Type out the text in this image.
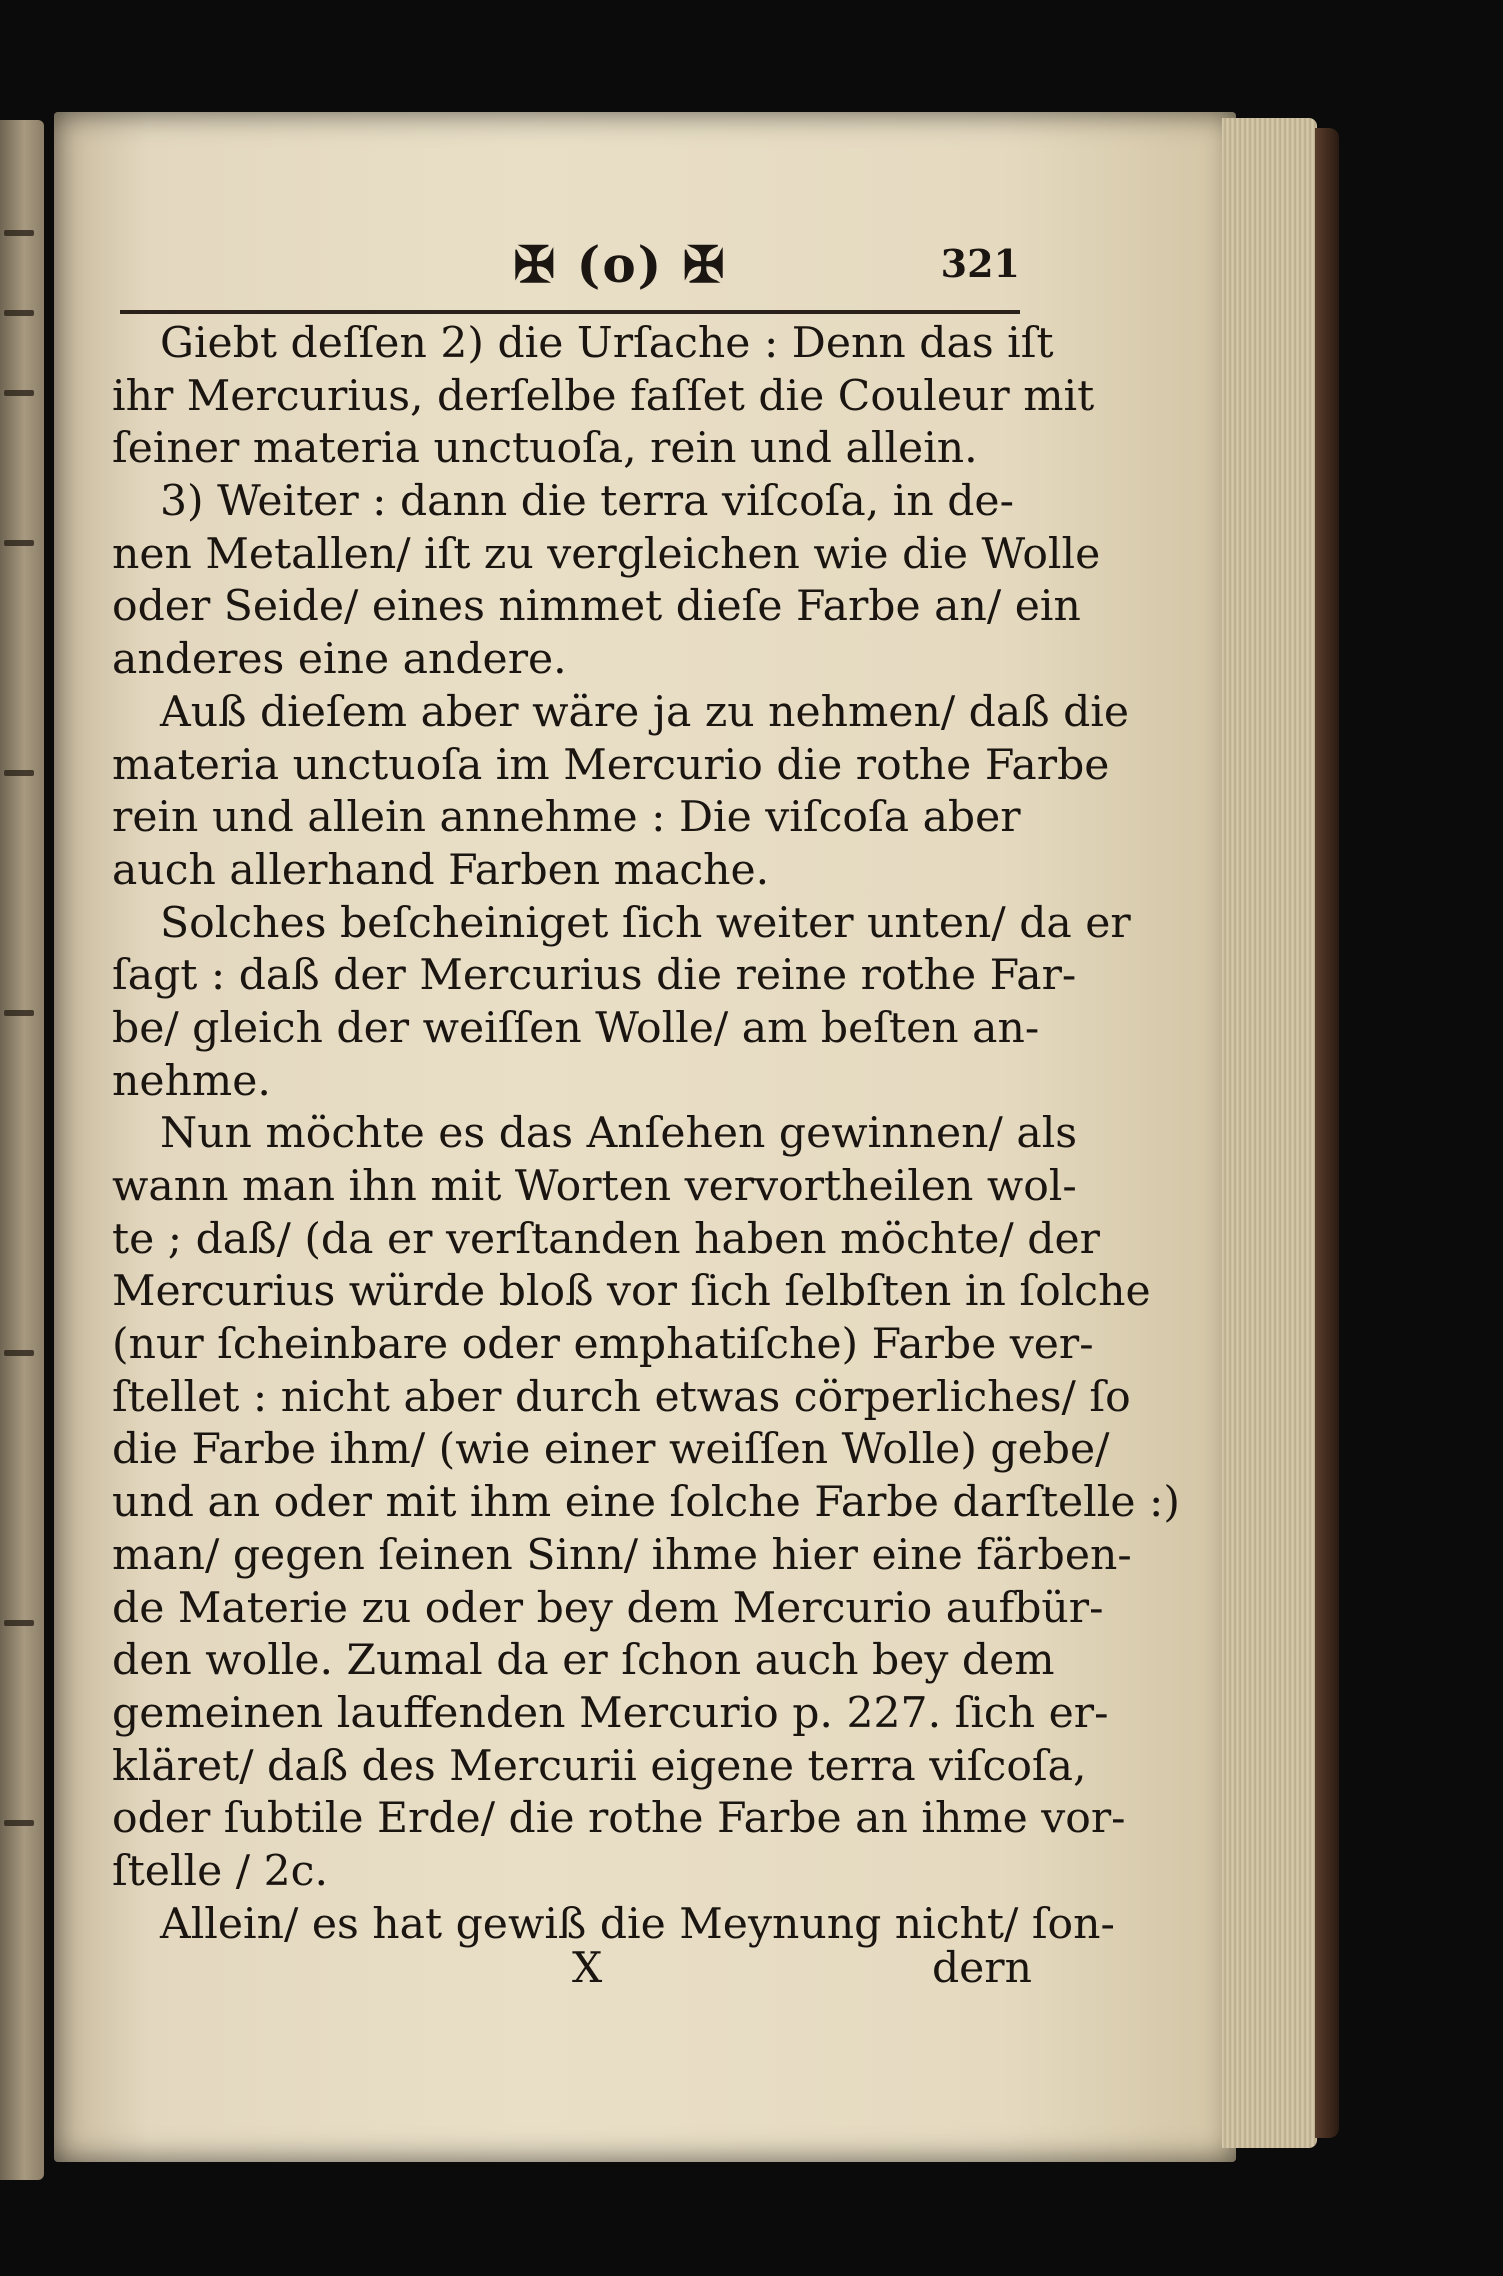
✠ (o) ✠	321
Giebt deſſen 2) die Urſache : Denn das iſt
ihr Mercurius, derſelbe faſſet die Couleur mit
ſeiner materia unctuoſa, rein und allein.
3) Weiter : dann die terra viſcoſa, in de-
nen Metallen/ iſt zu vergleichen wie die Wolle
oder Seide/ eines nimmet dieſe Farbe an/ ein
anderes eine andere.
Auß dieſem aber wäre ja zu nehmen/ daß die
materia unctuoſa im Mercurio die rothe Farbe
rein und allein annehme : Die viſcoſa aber
auch allerhand Farben mache.
Solches beſcheiniget ſich weiter unten/ da er
ſagt : daß der Mercurius die reine rothe Far-
be/ gleich der weiſſen Wolle/ am beſten an-
nehme.
Nun möchte es das Anſehen gewinnen/ als
wann man ihn mit Worten vervortheilen wol-
te ; daß/ (da er verſtanden haben möchte/ der
Mercurius würde bloß vor ſich ſelbſten in ſolche
(nur ſcheinbare oder emphatiſche) Farbe ver-
ſtellet : nicht aber durch etwas cörperliches/ ſo
die Farbe ihm/ (wie einer weiſſen Wolle) gebe/
und an oder mit ihm eine ſolche Farbe darſtelle :)
man/ gegen ſeinen Sinn/ ihme hier eine färben-
de Materie zu oder bey dem Mercurio aufbür-
den wolle. Zumal da er ſchon auch bey dem
gemeinen lauffenden Mercurio p. 227. ſich er-
kläret/ daß des Mercurii eigene terra viſcoſa,
oder ſubtile Erde/ die rothe Farbe an ihme vor-
ſtelle / 2c.
Allein/ es hat gewiß die Meynung nicht/ ſon-
X	dern
